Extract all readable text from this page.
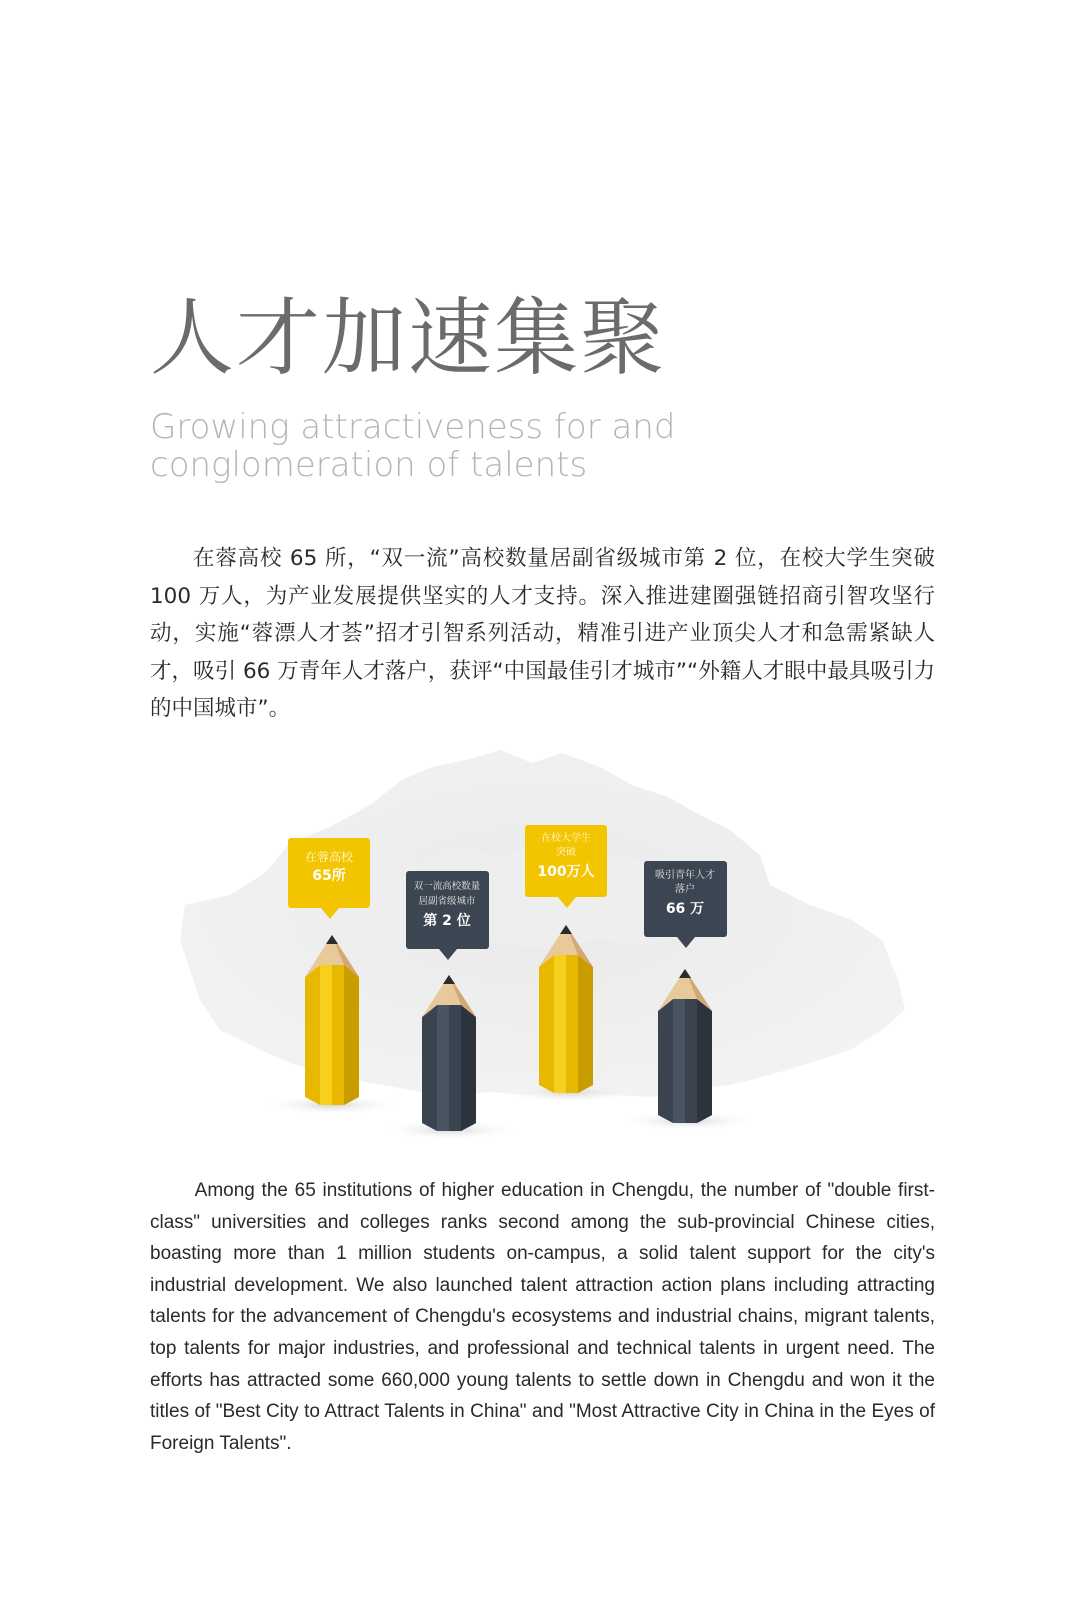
人才加速集聚
Growing attractiveness for and
conglomeration of talents

在蓉高校 65 所，“双一流”高校数量居副省级城市第 2 位，在校大学生突破 100 万人，为产业发展提供坚实的人才支持。深入推进建圈强链招商引智攻坚行动，实施“蓉漂人才荟”招才引智系列活动，精准引进产业顶尖人才和急需紧缺人才，吸引 66 万青年人才落户，获评“中国最佳引才城市”“外籍人才眼中最具吸引力的中国城市”。

在蓉高校
65所
双一流高校数量
居副省级城市
第 2 位
在校大学生
突破
100万人	吸引青年人才
落户
66 万

Among the 65 institutions of higher education in Chengdu, the number of "double first-class" universities and colleges ranks second among the sub-provincial Chinese cities, boasting more than 1 million students on-campus, a solid talent support for the city's industrial development. We also launched talent attraction action plans including attracting talents for the advancement of Chengdu's ecosystems and industrial chains, migrant talents, top talents for major industries, and professional and technical talents in urgent need. The efforts has attracted some 660,000 young talents to settle down in Chengdu and won it the titles of "Best City to Attract Talents in China" and "Most Attractive City in China in the Eyes of Foreign Talents".
